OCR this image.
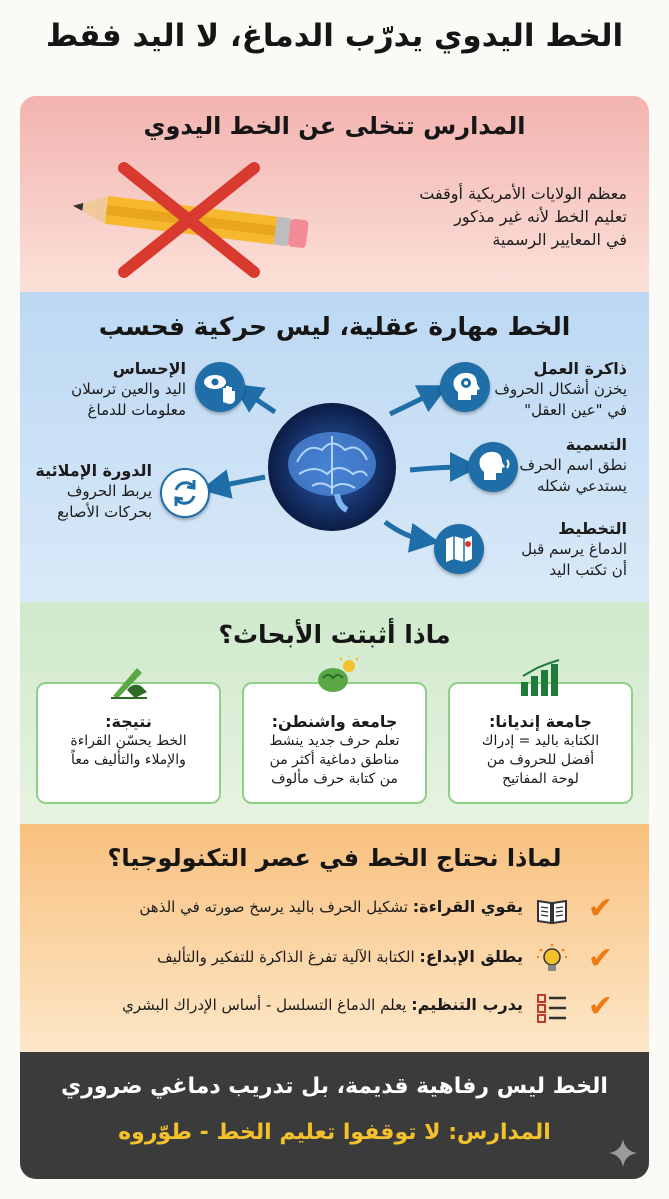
الخط اليدوي يدرّب الدماغ، لا اليد فقط
المدارس تتخلى عن الخط اليدوي
معظم الولايات الأمريكية أوقفت
تعليم الخط لأنه غير مذكور
في المعايير الرسمية
الخط مهارة عقلية، ليس حركية فحسب
ذاكرة العمل
يخزن أشكال الحروف
في "عين العقل"
التسمية
نطق اسم الحرف
يستدعي شكله
التخطيط
الدماغ يرسم قبل
أن تكتب اليد
الإحساس
اليد والعين ترسلان
معلومات للدماغ
الدورة الإملائية
يربط الحروف
بحركات الأصابع
ماذا أثبتت الأبحاث؟
جامعة إنديانا:
الكتابة باليد = إدراك
أفضل للحروف من
لوحة المفاتيح
جامعة واشنطن:
تعلم حرف جديد ينشط
مناطق دماغية أكثر من
من كتابة حرف مألوف
نتيجة:
الخط يحسّن القراءة
والإملاء والتأليف معاً
لماذا نحتاج الخط في عصر التكنولوجيا؟
✔
يقوي القراءة: تشكيل الحرف باليد يرسخ صورته في الذهن
✔
يطلق الإبداع: الكتابة الآلية تفرغ الذاكرة للتفكير والتأليف
✔
يدرب التنظيم: يعلم الدماغ التسلسل - أساس الإدراك البشري
الخط ليس رفاهية قديمة، بل تدريب دماغي ضروري
المدارس: لا توقفوا تعليم الخط - طوّروه
